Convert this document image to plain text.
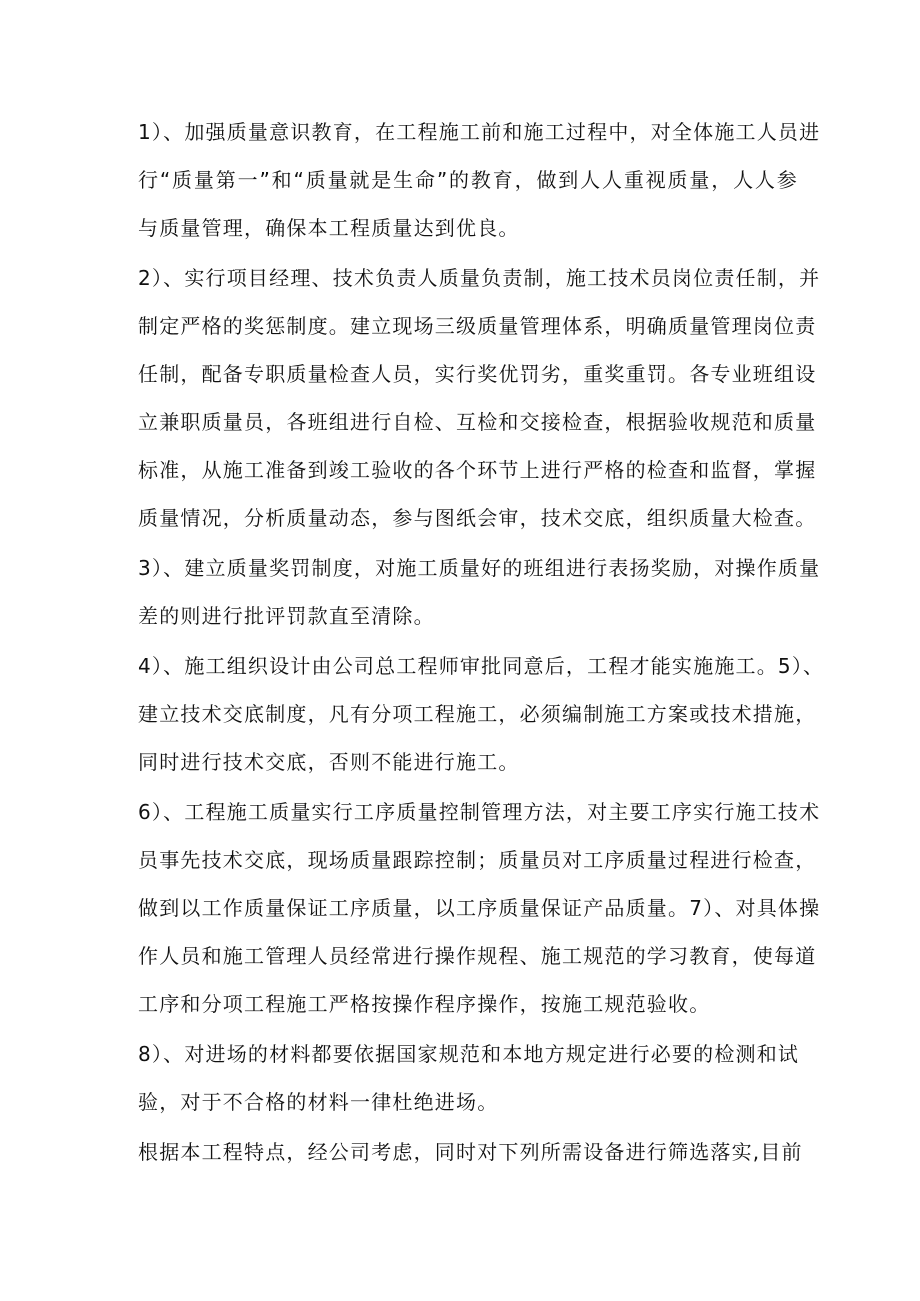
1）、加强质量意识教育，在工程施工前和施工过程中，对全体施工人员进
行“质量第一”和“质量就是生命”的教育，做到人人重视质量，人人参
与质量管理，确保本工程质量达到优良。
2）、实行项目经理、技术负责人质量负责制，施工技术员岗位责任制，并
制定严格的奖惩制度。建立现场三级质量管理体系，明确质量管理岗位责
任制，配备专职质量检查人员，实行奖优罚劣，重奖重罚。各专业班组设
立兼职质量员，各班组进行自检、互检和交接检查，根据验收规范和质量
标准，从施工准备到竣工验收的各个环节上进行严格的检查和监督，掌握
质量情况，分析质量动态，参与图纸会审，技术交底，组织质量大检查。
3）、建立质量奖罚制度，对施工质量好的班组进行表扬奖励，对操作质量
差的则进行批评罚款直至清除。
4）、施工组织设计由公司总工程师审批同意后，工程才能实施施工。5）、
建立技术交底制度，凡有分项工程施工，必须编制施工方案或技术措施，
同时进行技术交底，否则不能进行施工。
6）、工程施工质量实行工序质量控制管理方法，对主要工序实行施工技术
员事先技术交底，现场质量跟踪控制；质量员对工序质量过程进行检查，
做到以工作质量保证工序质量，以工序质量保证产品质量。7）、对具体操
作人员和施工管理人员经常进行操作规程、施工规范的学习教育，使每道
工序和分项工程施工严格按操作程序操作，按施工规范验收。
8）、对进场的材料都要依据国家规范和本地方规定进行必要的检测和试
验，对于不合格的材料一律杜绝进场。
根据本工程特点，经公司考虑，同时对下列所需设备进行筛选落实,目前
